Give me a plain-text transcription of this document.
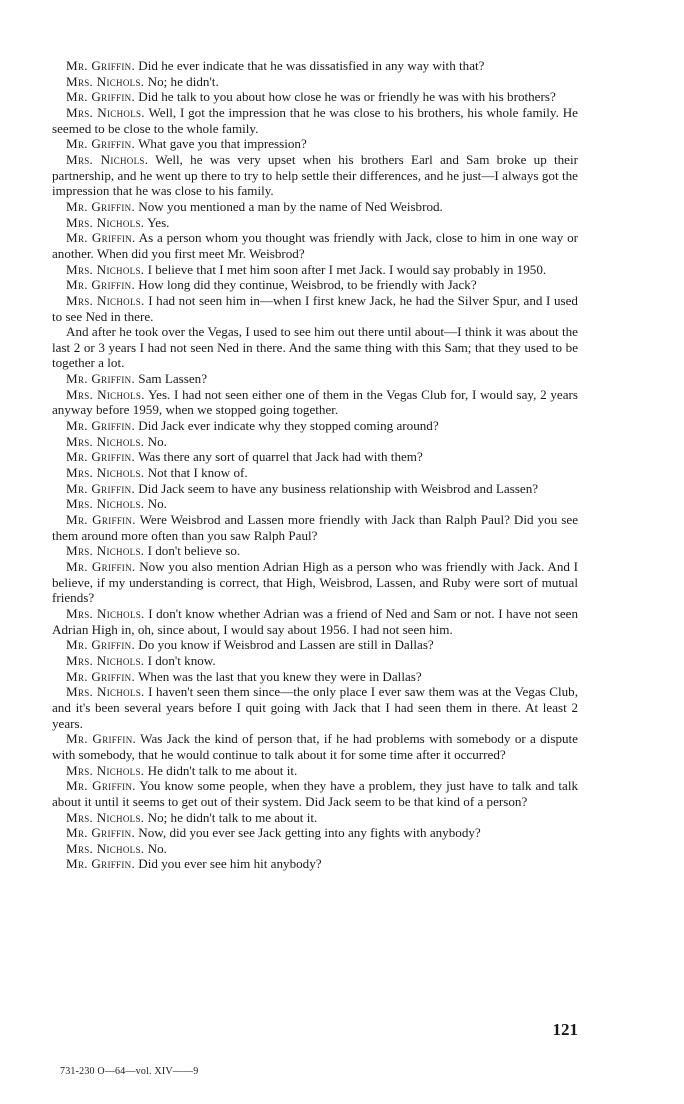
Mr. Griffin. Did he ever indicate that he was dissatisfied in any way with that?

Mrs. Nichols. No; he didn't.

Mr. Griffin. Did he talk to you about how close he was or friendly he was with his brothers?

Mrs. Nichols. Well, I got the impression that he was close to his brothers, his whole family. He seemed to be close to the whole family.

Mr. Griffin. What gave you that impression?

Mrs. Nichols. Well, he was very upset when his brothers Earl and Sam broke up their partnership, and he went up there to try to help settle their differences, and he just—I always got the impression that he was close to his family.

Mr. Griffin. Now you mentioned a man by the name of Ned Weisbrod.

Mrs. Nichols. Yes.

Mr. Griffin. As a person whom you thought was friendly with Jack, close to him in one way or another. When did you first meet Mr. Weisbrod?

Mrs. Nichols. I believe that I met him soon after I met Jack. I would say probably in 1950.

Mr. Griffin. How long did they continue, Weisbrod, to be friendly with Jack?

Mrs. Nichols. I had not seen him in—when I first knew Jack, he had the Silver Spur, and I used to see Ned in there.

And after he took over the Vegas, I used to see him out there until about—I think it was about the last 2 or 3 years I had not seen Ned in there. And the same thing with this Sam; that they used to be together a lot.

Mr. Griffin. Sam Lassen?

Mrs. Nichols. Yes. I had not seen either one of them in the Vegas Club for, I would say, 2 years anyway before 1959, when we stopped going together.

Mr. Griffin. Did Jack ever indicate why they stopped coming around?

Mrs. Nichols. No.

Mr. Griffin. Was there any sort of quarrel that Jack had with them?

Mrs. Nichols. Not that I know of.

Mr. Griffin. Did Jack seem to have any business relationship with Weisbrod and Lassen?

Mrs. Nichols. No.

Mr. Griffin. Were Weisbrod and Lassen more friendly with Jack than Ralph Paul? Did you see them around more often than you saw Ralph Paul?

Mrs. Nichols. I don't believe so.

Mr. Griffin. Now you also mention Adrian High as a person who was friendly with Jack. And I believe, if my understanding is correct, that High, Weisbrod, Lassen, and Ruby were sort of mutual friends?

Mrs. Nichols. I don't know whether Adrian was a friend of Ned and Sam or not. I have not seen Adrian High in, oh, since about, I would say about 1956. I had not seen him.

Mr. Griffin. Do you know if Weisbrod and Lassen are still in Dallas?

Mrs. Nichols. I don't know.

Mr. Griffin. When was the last that you knew they were in Dallas?

Mrs. Nichols. I haven't seen them since—the only place I ever saw them was at the Vegas Club, and it's been several years before I quit going with Jack that I had seen them in there. At least 2 years.

Mr. Griffin. Was Jack the kind of person that, if he had problems with somebody or a dispute with somebody, that he would continue to talk about it for some time after it occurred?

Mrs. Nichols. He didn't talk to me about it.

Mr. Griffin. You know some people, when they have a problem, they just have to talk and talk about it until it seems to get out of their system. Did Jack seem to be that kind of a person?

Mrs. Nichols. No; he didn't talk to me about it.

Mr. Griffin. Now, did you ever see Jack getting into any fights with anybody?

Mrs. Nichols. No.

Mr. Griffin. Did you ever see him hit anybody?

121
731-230 O—64—vol. XIV——9
